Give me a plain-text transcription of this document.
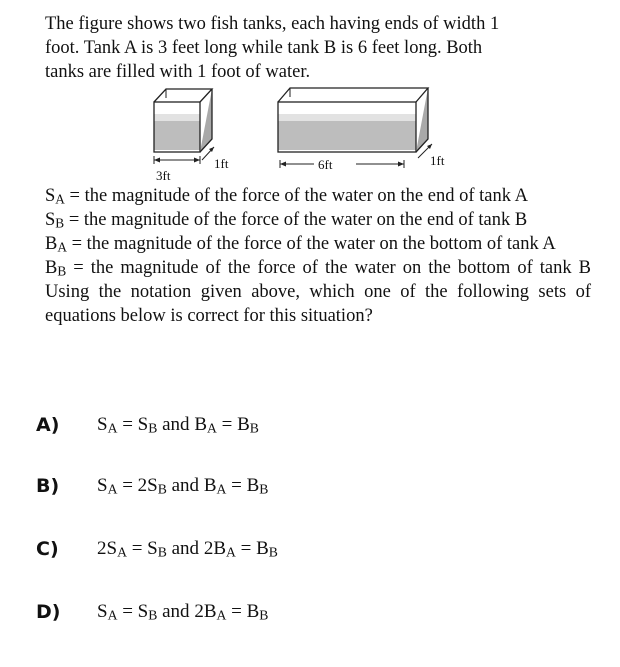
The figure shows two fish tanks, each having ends of width 1
foot. Tank A is 3 feet long while tank B is 6 feet long. Both
tanks are filled with 1 foot of water.
3ft
1ft	6ft	1ft
$S_A$ = the magnitude of the force of the water on the end of tank A
$S_B$ = the magnitude of the force of the water on the end of tank B
$B_A$ = the magnitude of the force of the water on the bottom of tank A
$B_B$ = the magnitude of the force of the water on the bottom of tank B Using the notation given above, which one of the following sets of equations below is correct for this situation?
A)	$S_A = S_B$ and $B_A = B_B$
B)	$S_A = 2S_B$ and $B_A = B_B$
C)	$2S_A = S_B$ and $2B_A = B_B$
D)	$S_A = S_B$ and $2B_A = B_B$
